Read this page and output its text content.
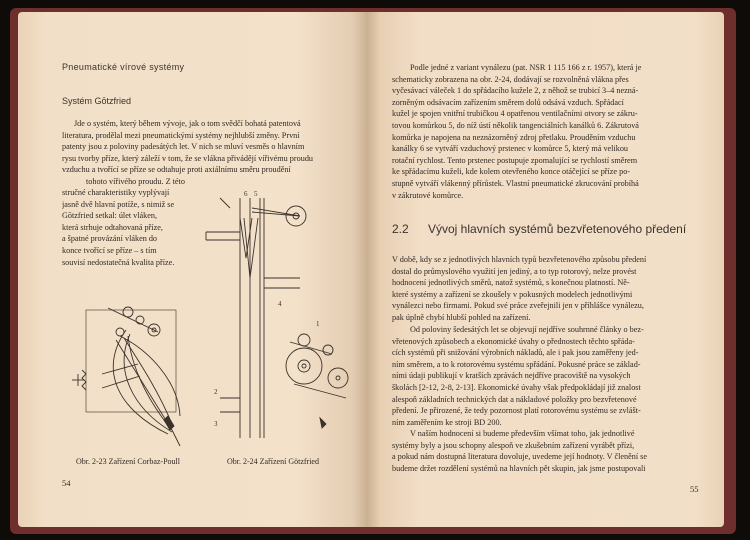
Pneumatické vírové systémy
Systém Gōtzfried
Jde o systém, který během vývoje, jak o tom svědčí bohatá patentová
literatura, prodělal mezi pneumatickými systémy nejhlubší změny. První
patenty jsou z poloviny padesátých let. V nich se mluví vesměs o hlavním
rysu tvorby příze, který záleží v tom, že se vlákna přivádějí vířivému proudu
vzduchu a tvořící se příze se odtahuje proti axiálnímu směru proudění
tohoto vířivého proudu. Z této
stručné charakteristiky vyplývají
jasně dvě hlavní potíže, s nimiž se
Gōtzfried setkal: úlet vláken,
která strhuje odtahovaná příze,
a špatné provázání vláken do
konce tvořící se příze – s tím
souvisí nedostatečná kvalita příze.
6 5
4
1
2
3
Obr. 2-23 Zařízení Corbaz-Poull	Obr. 2-24 Zařízení Götzfried
54
Podle jedné z variant vynálezu (pat. NSR 1 115 166 z r. 1957), která je
schematicky zobrazena na obr. 2-24, dodávají se rozvolněná vlákna přes
vyčesávací váleček 1 do spřádacího kužele 2, z něhož se trubicí 3–4 nezná-
zorněným odsávacím zařízením směrem dolů odsává vzduch. Spřádací
kužel je spojen vnitřní trubičkou 4 opatřenou ventilačními otvory se zákru-
tovou komůrkou 5, do níž ústí několik tangenciálních kanálků 6. Zákrutová
komůrka je napojena na neznázorněný zdroj přetlaku. Prouděním vzduchu
kanálky 6 se vytváří vzduchový prstenec v komůrce 5, který má velikou
rotační rychlost. Tento prstenec postupuje zpomalující se rychlostí směrem
ke spřádacímu kuželi, kde kolem otevřeného konce otáčející se příze po-
stupně vytváří vlákenný přírůstek. Vlastní pneumatické zkrucování probíhá
v zákrutové komůrce.
2.2 Vývoj hlavních systémů bezvřetenového předení
V době, kdy se z jednotlivých hlavních typů bezvřetenového způsobu předení
dostal do průmyslového využití jen jediný, a to typ rotorový, nelze provést
hodnocení jednotlivých směrů, natož systémů, s konečnou platností. Ně-
které systémy a zařízení se zkoušely v pokusných modelech jednotlivými
vynálezci nebo firmami. Pokud své práce zveřejnili jen v příhlášce vynálezu,
pak úplně chybí hlubší pohled na zařízení.
Od poloviny šedesátých let se objevují nejdříve souhrnné články o bez-
vřetenových způsobech a ekonomické úvahy o přednostech těchto spřáda-
cích systémů při snižování výrobních nákladů, ale i pak jsou zaměřeny jed-
ním směrem, a to k rotorovému systému spřádání. Pokusné práce se základ-
ními údaji publikují v kratších zprávách nejdříve pracoviště na vysokých
školách [2-12, 2-8, 2-13]. Ekonomické úvahy však předpokládají již znalost
alespoň základních technických dat a nákladové položky pro bezvřetenové
předení. Je přirozené, že tedy pozornost platí rotorovému systému se zvlášt-
ním zaměřením ke stroji BD 200.
V naším hodnocení si budeme především všímat toho, jak jednotlivé
systémy byly a jsou schopny alespoň ve zkušebním zařízení vyrábět přízi,
a pokud nám dostupná literatura dovoluje, uvedeme její hodnoty. V členění se
budeme držet rozdělení systémů na hlavních pět skupin, jak jsme postupovali
55
